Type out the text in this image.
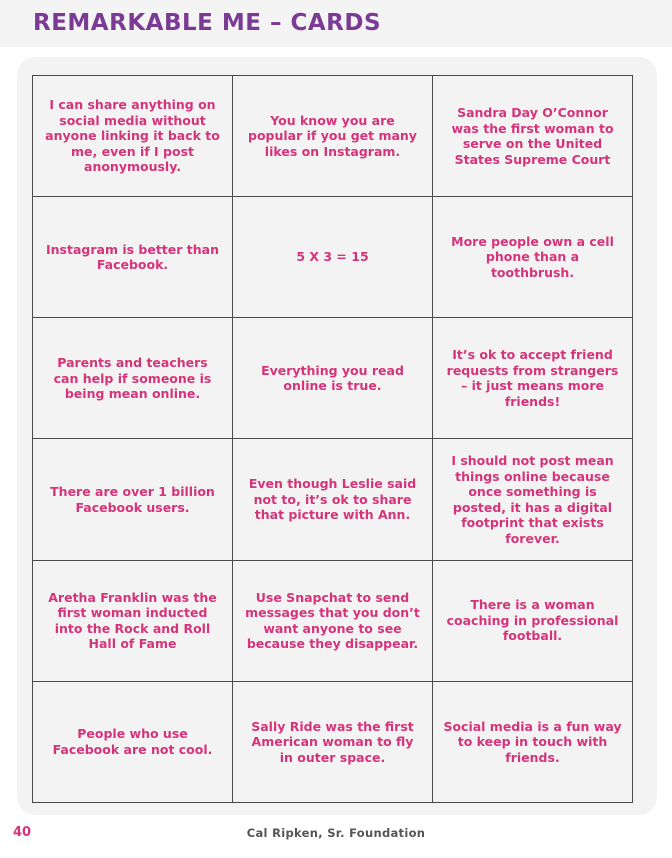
REMARKABLE ME – CARDS
I can share anything on social media without anyone linking it back to me, even if I post anonymously.	You know you are popular if you get many likes on Instagram.	Sandra Day O’Connor was the first woman to serve on the United States Supreme Court
Instagram is better than Facebook.	5 X 3 = 15	More people own a cell phone than a toothbrush.
Parents and teachers can help if someone is being mean online.	Everything you read online is true.	It’s ok to accept friend requests from strangers – it just means more friends!
There are over 1 billion Facebook users.	Even though Leslie said not to, it’s ok to share that picture with Ann.	I should not post mean things online because once something is posted, it has a digital footprint that exists forever.
Aretha Franklin was the first woman inducted into the Rock and Roll Hall of Fame	Use Snapchat to send messages that you don’t want anyone to see because they disappear.	There is a woman coaching in professional football.
People who use Facebook are not cool.	Sally Ride was the first American woman to fly in outer space.	Social media is a fun way to keep in touch with friends.
40	Cal Ripken, Sr. Foundation
